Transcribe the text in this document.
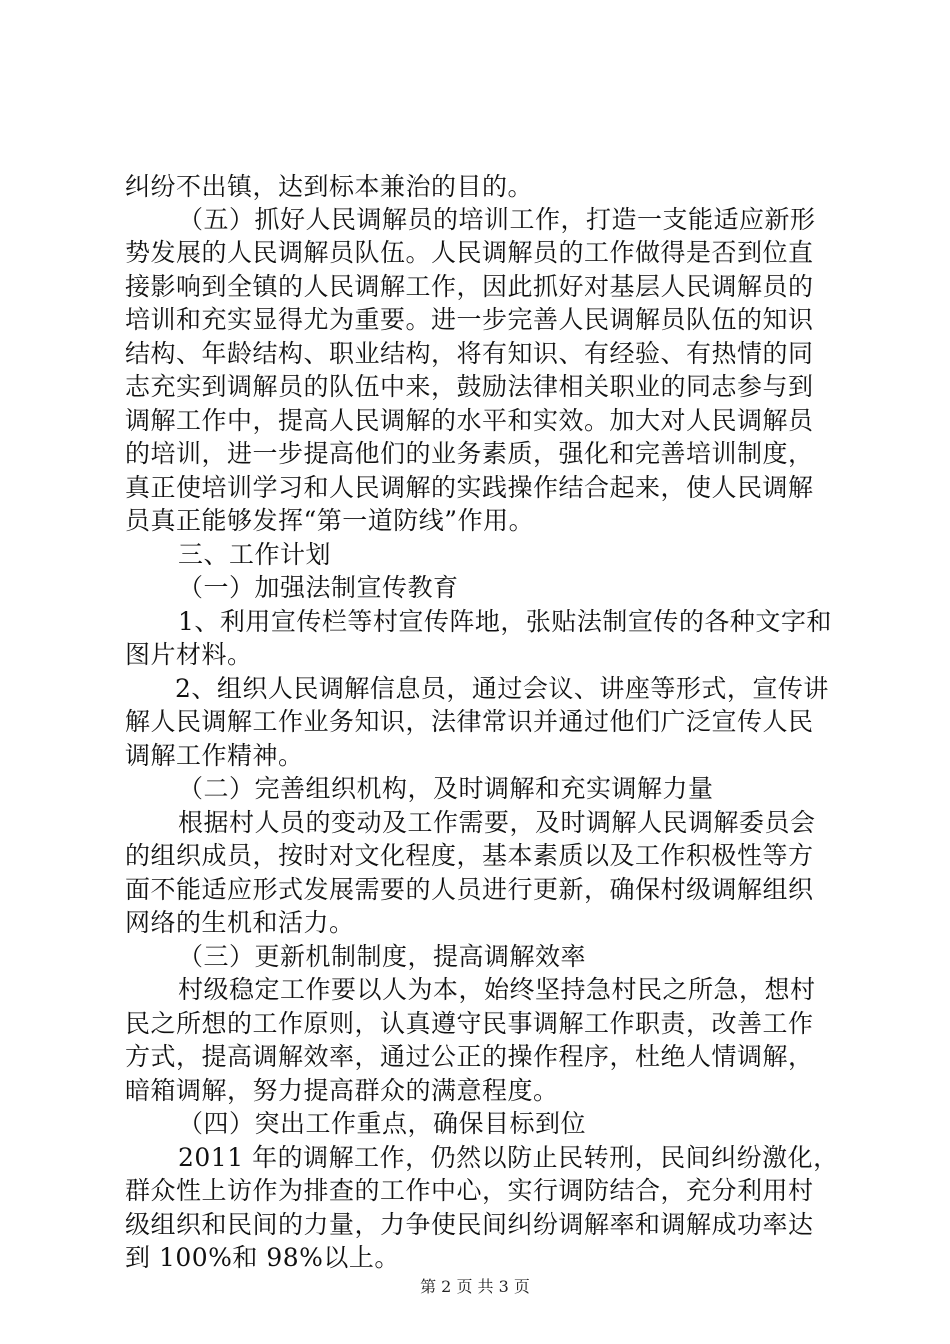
纠纷不出镇，达到标本兼治的目的。
（五）抓好人民调解员的培训工作，打造一支能适应新形
势发展的人民调解员队伍。人民调解员的工作做得是否到位直
接影响到全镇的人民调解工作，因此抓好对基层人民调解员的
培训和充实显得尤为重要。进一步完善人民调解员队伍的知识
结构、年龄结构、职业结构，将有知识、有经验、有热情的同
志充实到调解员的队伍中来，鼓励法律相关职业的同志参与到
调解工作中，提高人民调解的水平和实效。加大对人民调解员
的培训，进一步提高他们的业务素质，强化和完善培训制度，
真正使培训学习和人民调解的实践操作结合起来，使人民调解
员真正能够发挥“第一道防线”作用。
三、工作计划
（一）加强法制宣传教育
1、利用宣传栏等村宣传阵地，张贴法制宣传的各种文字和
图片材料。
2、组织人民调解信息员，通过会议、讲座等形式，宣传讲
解人民调解工作业务知识，法律常识并通过他们广泛宣传人民
调解工作精神。
（二）完善组织机构，及时调解和充实调解力量
根据村人员的变动及工作需要，及时调解人民调解委员会
的组织成员，按时对文化程度，基本素质以及工作积极性等方
面不能适应形式发展需要的人员进行更新，确保村级调解组织
网络的生机和活力。
（三）更新机制制度，提高调解效率
村级稳定工作要以人为本，始终坚持急村民之所急，想村
民之所想的工作原则，认真遵守民事调解工作职责，改善工作
方式，提高调解效率，通过公正的操作程序，杜绝人情调解，
暗箱调解，努力提高群众的满意程度。
（四）突出工作重点，确保目标到位
2011 年的调解工作，仍然以防止民转刑，民间纠纷激化，
群众性上访作为排查的工作中心，实行调防结合，充分利用村
级组织和民间的力量，力争使民间纠纷调解率和调解成功率达
到 100%和 98%以上。
第 2 页 共 3 页
